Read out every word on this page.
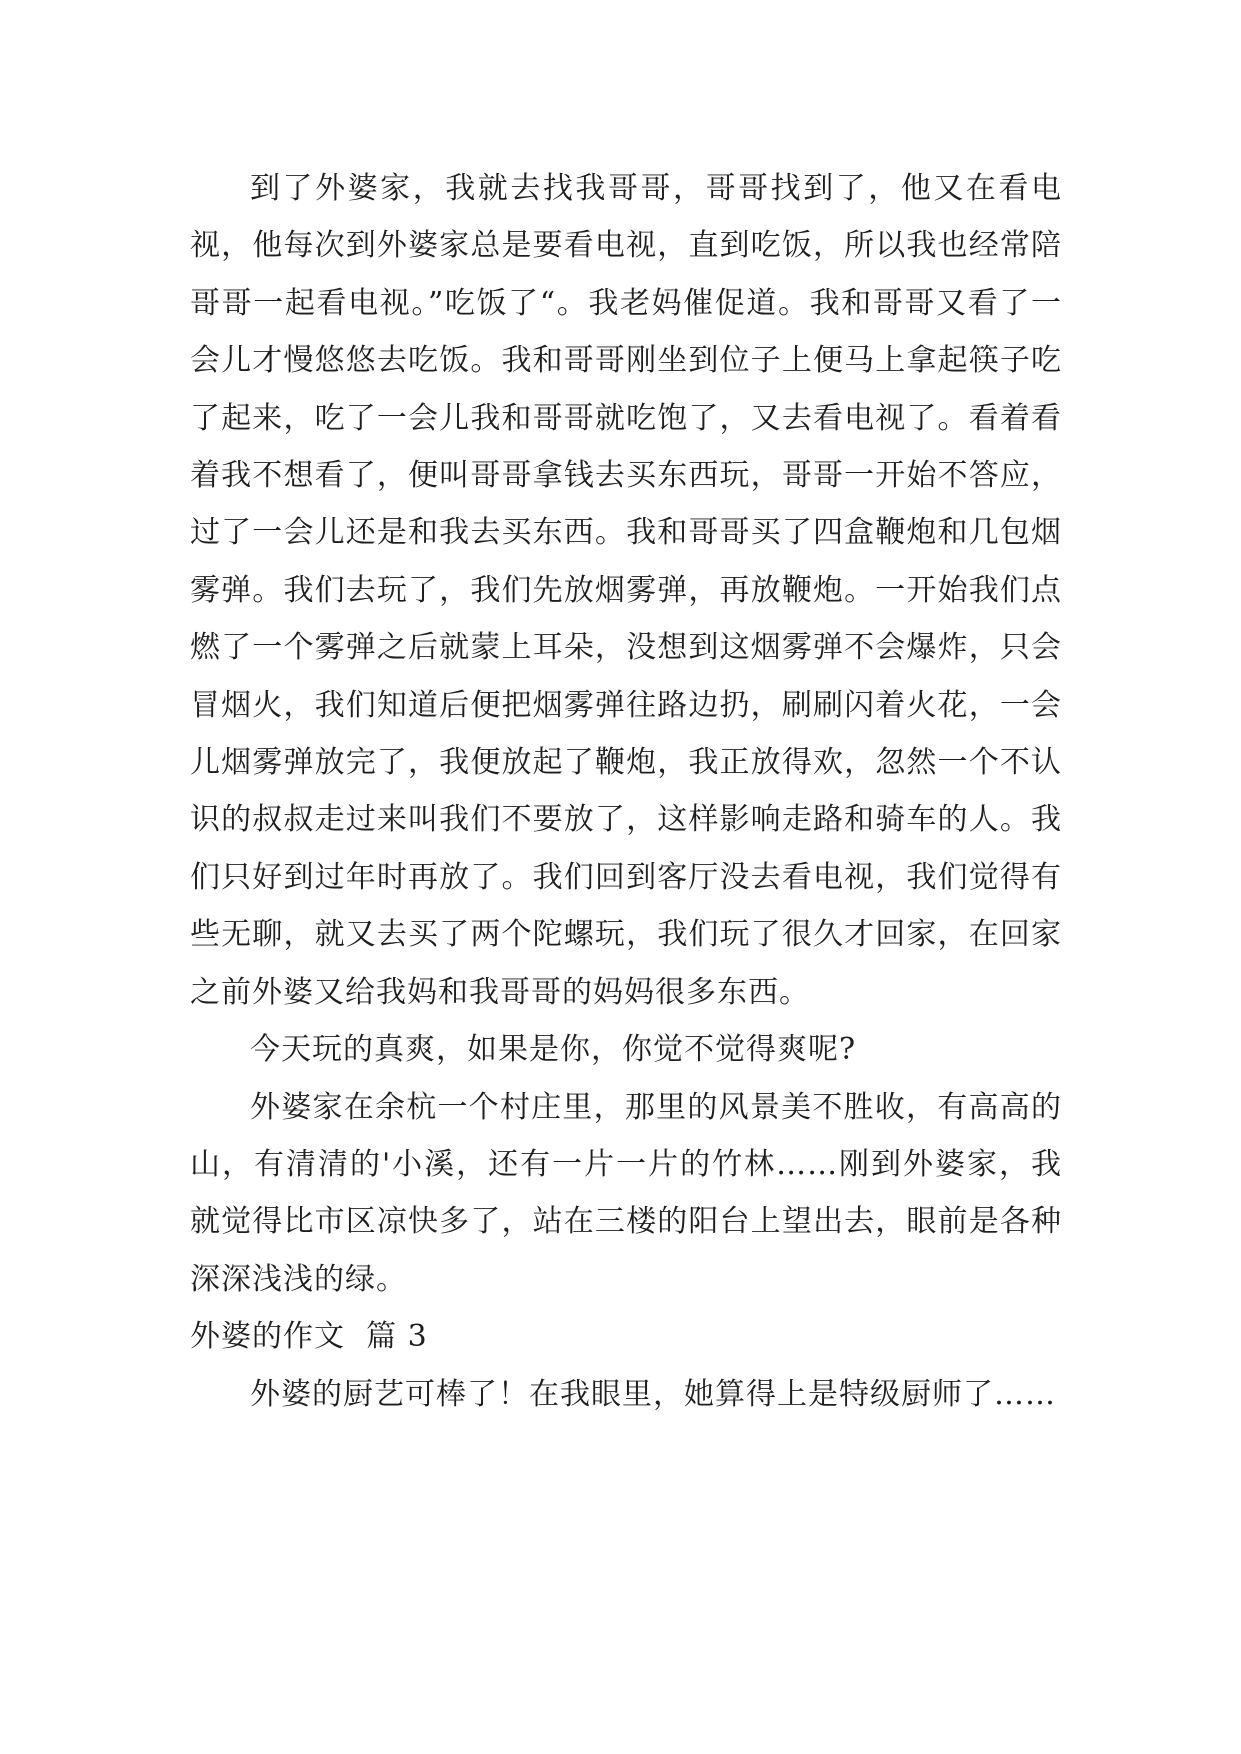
到了外婆家，我就去找我哥哥，哥哥找到了，他又在看电视，他每次到外婆家总是要看电视，直到吃饭，所以我也经常陪哥哥一起看电视。”吃饭了“。我老妈催促道。我和哥哥又看了一会儿才慢悠悠去吃饭。我和哥哥刚坐到位子上便马上拿起筷子吃了起来，吃了一会儿我和哥哥就吃饱了，又去看电视了。看着看着我不想看了，便叫哥哥拿钱去买东西玩，哥哥一开始不答应，过了一会儿还是和我去买东西。我和哥哥买了四盒鞭炮和几包烟雾弹。我们去玩了，我们先放烟雾弹，再放鞭炮。一开始我们点燃了一个雾弹之后就蒙上耳朵，没想到这烟雾弹不会爆炸，只会冒烟火，我们知道后便把烟雾弹往路边扔，刷刷闪着火花，一会儿烟雾弹放完了，我便放起了鞭炮，我正放得欢，忽然一个不认识的叔叔走过来叫我们不要放了，这样影响走路和骑车的人。我们只好到过年时再放了。我们回到客厅没去看电视，我们觉得有些无聊，就又去买了两个陀螺玩，我们玩了很久才回家，在回家之前外婆又给我妈和我哥哥的妈妈很多东西。

今天玩的真爽，如果是你，你觉不觉得爽呢?

外婆家在余杭一个村庄里，那里的风景美不胜收，有高高的山，有清清的'小溪，还有一片一片的竹林……刚到外婆家，我就觉得比市区凉快多了，站在三楼的阳台上望出去，眼前是各种深深浅浅的绿。

外婆的作文  篇 3

外婆的厨艺可棒了！在我眼里，她算得上是特级厨师了……
